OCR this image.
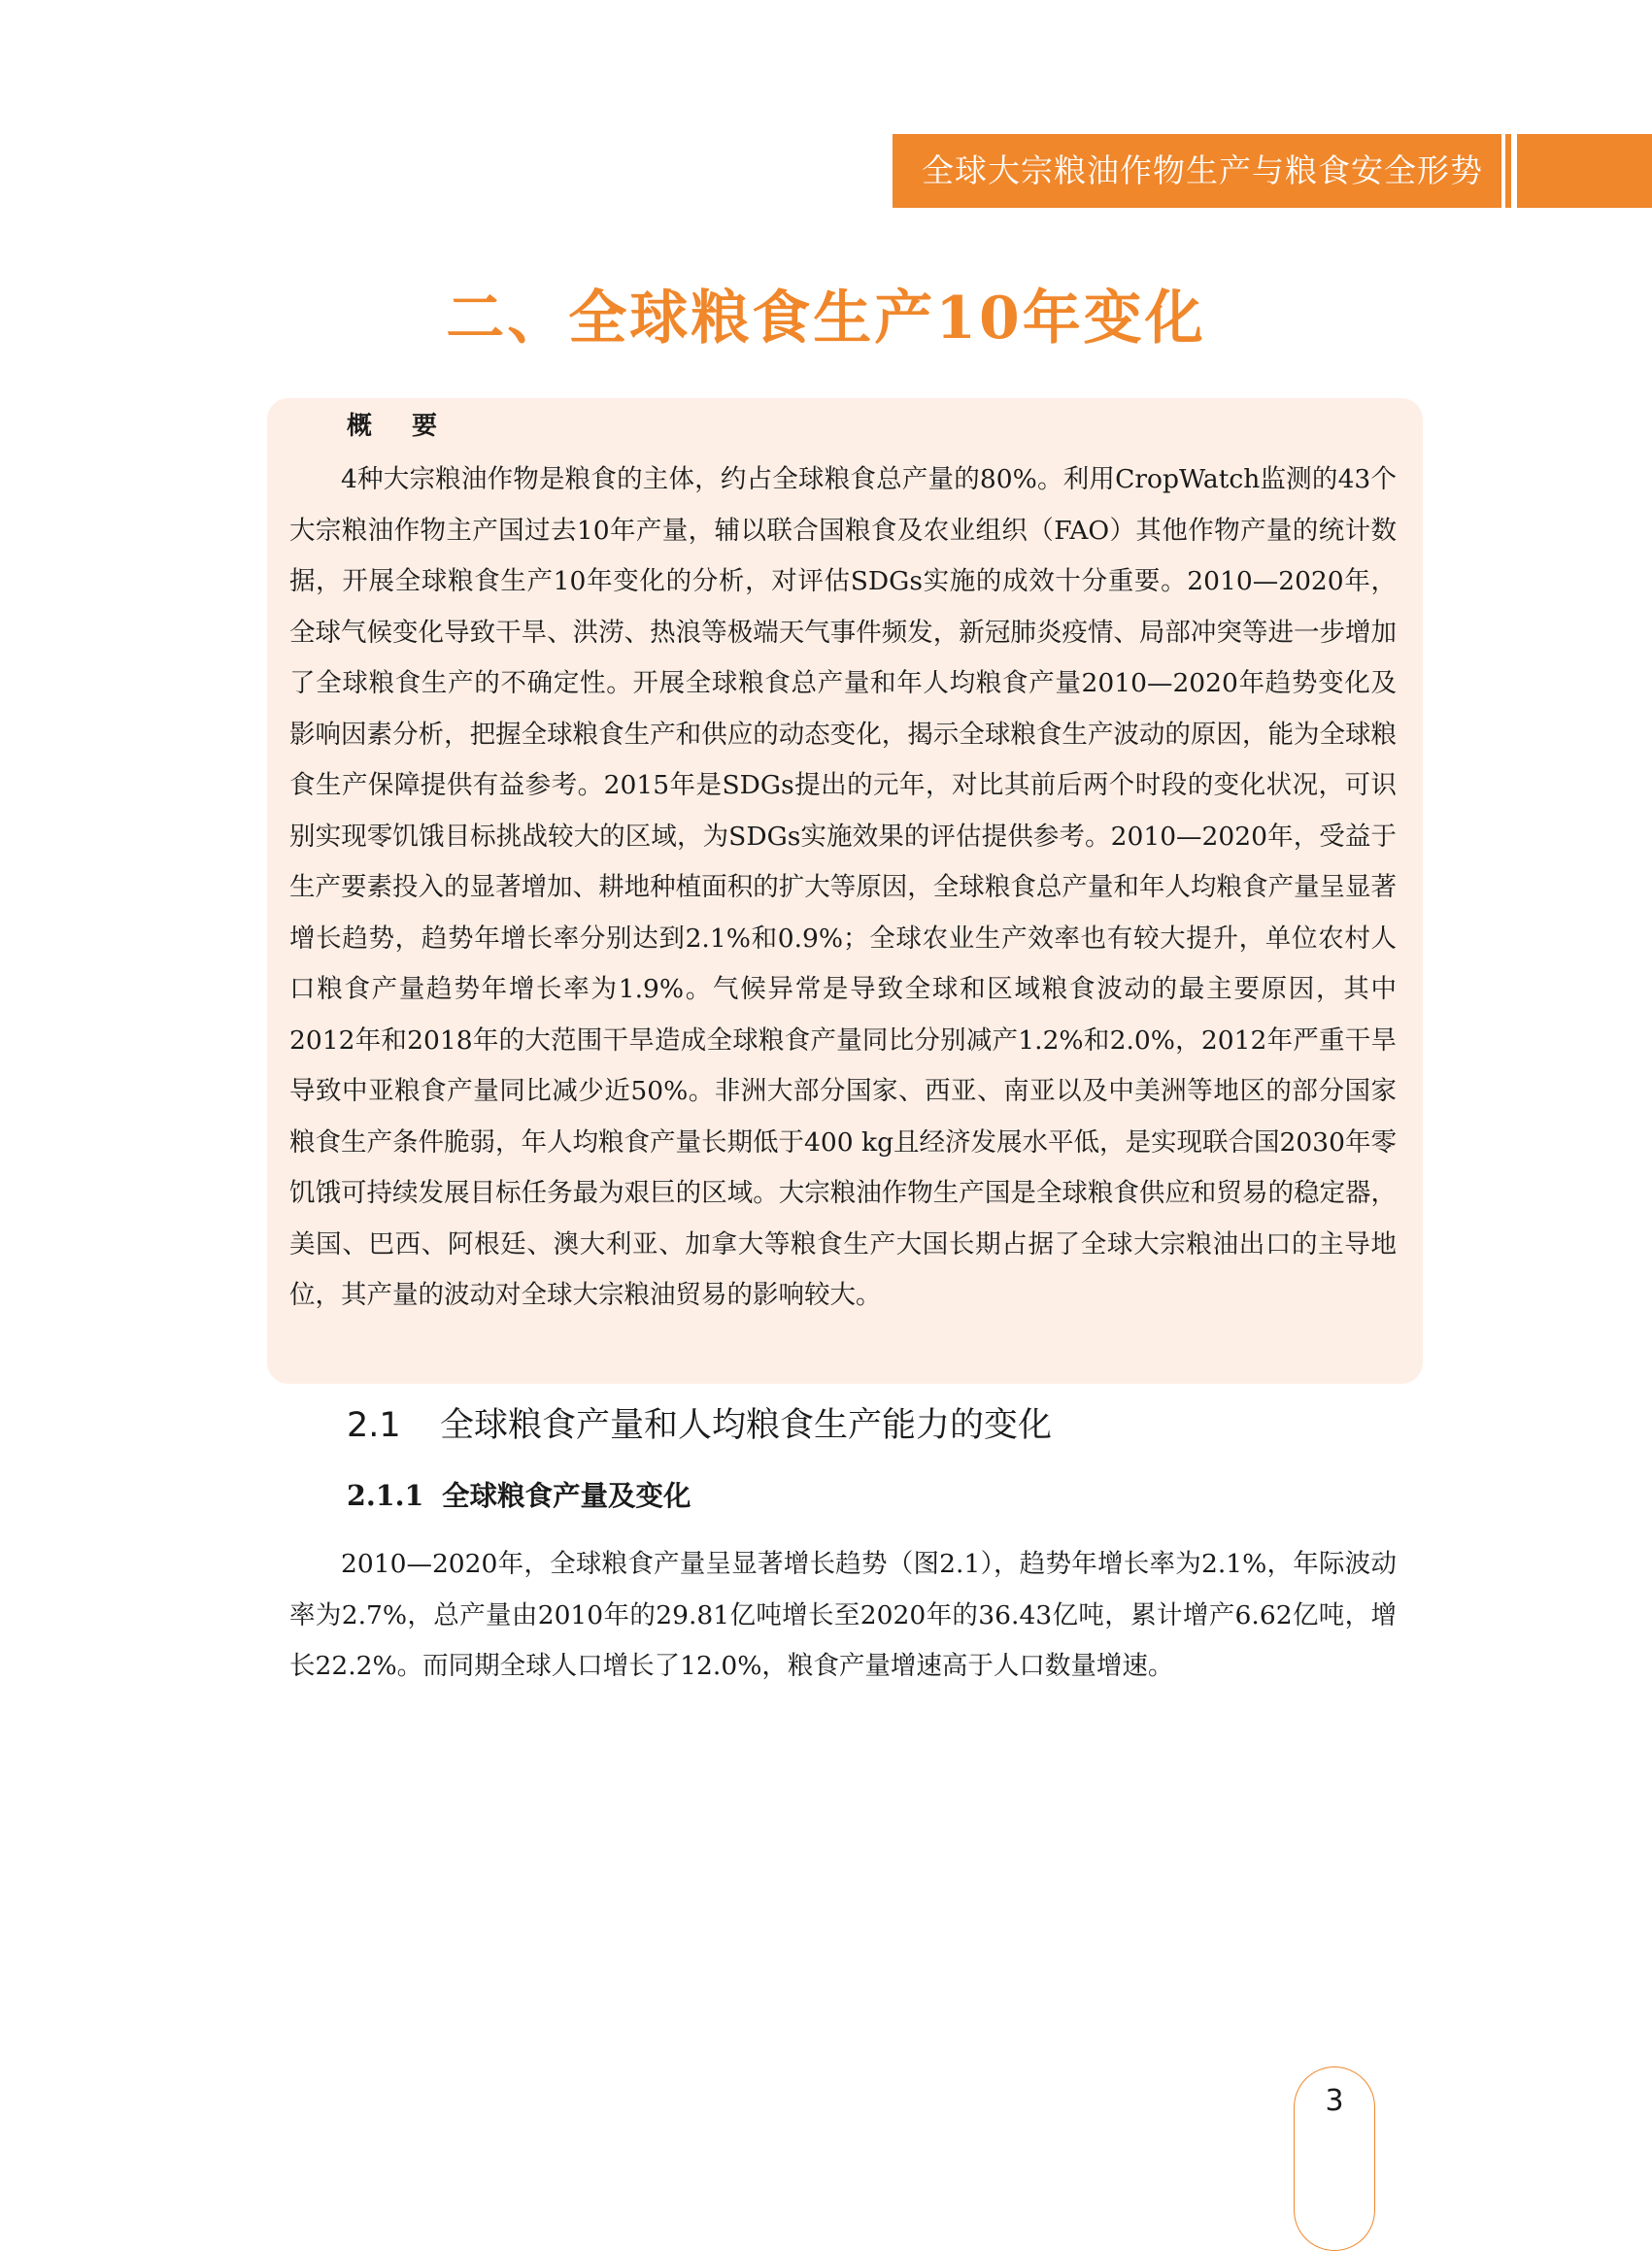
全球大宗粮油作物生产与粮食安全形势
二、全球粮食生产10年变化
概 要

4种大宗粮油作物是粮食的主体，约占全球粮食总产量的80%。利用CropWatch监测的43个大宗粮油作物主产国过去10年产量，辅以联合国粮食及农业组织（FAO）其他作物产量的统计数据，开展全球粮食生产10年变化的分析，对评估SDGs实施的成效十分重要。2010—2020年，全球气候变化导致干旱、洪涝、热浪等极端天气事件频发，新冠肺炎疫情、局部冲突等进一步增加了全球粮食生产的不确定性。开展全球粮食总产量和年人均粮食产量2010—2020年趋势变化及影响因素分析，把握全球粮食生产和供应的动态变化，揭示全球粮食生产波动的原因，能为全球粮食生产保障提供有益参考。2015年是SDGs提出的元年，对比其前后两个时段的变化状况，可识别实现零饥饿目标挑战较大的区域，为SDGs实施效果的评估提供参考。2010—2020年，受益于生产要素投入的显著增加、耕地种植面积的扩大等原因，全球粮食总产量和年人均粮食产量呈显著增长趋势，趋势年增长率分别达到2.1%和0.9%；全球农业生产效率也有较大提升，单位农村人口粮食产量趋势年增长率为1.9%。气候异常是导致全球和区域粮食波动的最主要原因，其中2012年和2018年的大范围干旱造成全球粮食产量同比分别减产1.2%和2.0%，2012年严重干旱导致中亚粮食产量同比减少近50%。非洲大部分国家、西亚、南亚以及中美洲等地区的部分国家粮食生产条件脆弱，年人均粮食产量长期低于400 kg且经济发展水平低，是实现联合国2030年零饥饿可持续发展目标任务最为艰巨的区域。大宗粮油作物生产国是全球粮食供应和贸易的稳定器，美国、巴西、阿根廷、澳大利亚、加拿大等粮食生产大国长期占据了全球大宗粮油出口的主导地位，其产量的波动对全球大宗粮油贸易的影响较大。

2.1 全球粮食产量和人均粮食生产能力的变化
2.1.1 全球粮食产量及变化

2010—2020年，全球粮食产量呈显著增长趋势（图2.1），趋势年增长率为2.1%，年际波动率为2.7%，总产量由2010年的29.81亿吨增长至2020年的36.43亿吨，累计增产6.62亿吨，增长22.2%。而同期全球人口增长了12.0%，粮食产量增速高于人口数量增速。

3
